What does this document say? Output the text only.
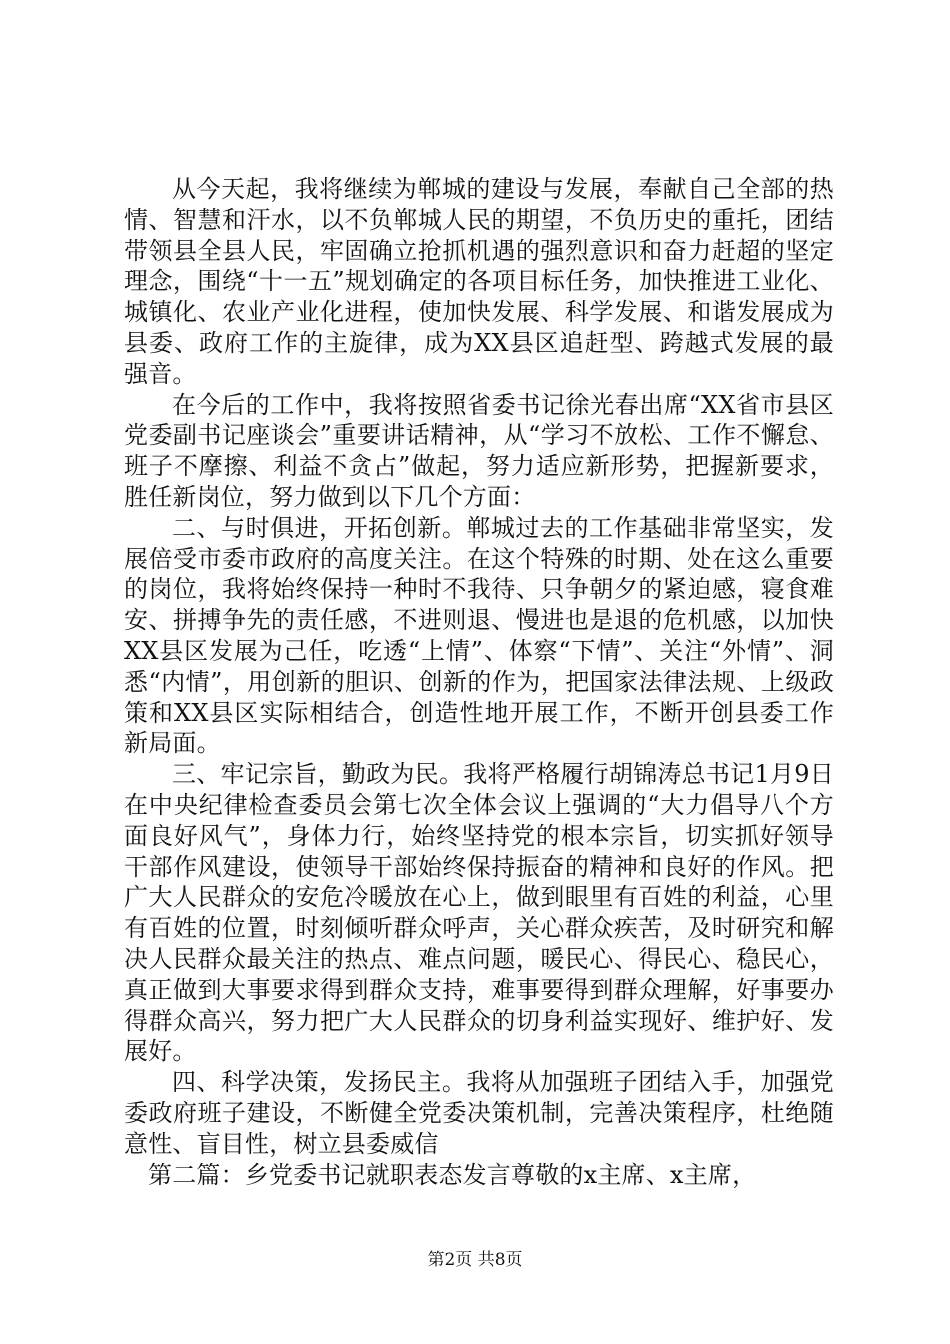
从今天起，我将继续为郸城的建设与发展，奉献自己全部的热情、智慧和汗水，以不负郸城人民的期望，不负历史的重托，团结带领县全县人民，牢固确立抢抓机遇的强烈意识和奋力赶超的坚定理念，围绕“十一五”规划确定的各项目标任务，加快推进工业化、城镇化、农业产业化进程，使加快发展、科学发展、和谐发展成为县委、政府工作的主旋律，成为XX县区追赶型、跨越式发展的最强音。

在今后的工作中，我将按照省委书记徐光春出席“XX省市县区党委副书记座谈会”重要讲话精神，从“学习不放松、工作不懈怠、班子不摩擦、利益不贪占”做起，努力适应新形势，把握新要求，胜任新岗位，努力做到以下几个方面：

二、与时俱进，开拓创新。郸城过去的工作基础非常坚实，发展倍受市委市政府的高度关注。在这个特殊的时期、处在这么重要的岗位，我将始终保持一种时不我待、只争朝夕的紧迫感，寝食难安、拼搏争先的责任感，不进则退、慢进也是退的危机感，以加快XX县区发展为己任，吃透“上情”、体察“下情”、关注“外情”、洞悉“内情”，用创新的胆识、创新的作为，把国家法律法规、上级政策和XX县区实际相结合，创造性地开展工作，不断开创县委工作新局面。

三、牢记宗旨，勤政为民。我将严格履行胡锦涛总书记1月9日在中央纪律检查委员会第七次全体会议上强调的“大力倡导八个方面良好风气”，身体力行，始终坚持党的根本宗旨，切实抓好领导干部作风建设，使领导干部始终保持振奋的精神和良好的作风。把广大人民群众的安危冷暖放在心上，做到眼里有百姓的利益，心里有百姓的位置，时刻倾听群众呼声，关心群众疾苦，及时研究和解决人民群众最关注的热点、难点问题，暖民心、得民心、稳民心，真正做到大事要求得到群众支持，难事要得到群众理解，好事要办得群众高兴，努力把广大人民群众的切身利益实现好、维护好、发展好。

四、科学决策，发扬民主。我将从加强班子团结入手，加强党委政府班子建设，不断健全党委决策机制，完善决策程序，杜绝随意性、盲目性，树立县委威信

第二篇：乡党委书记就职表态发言尊敬的x主席、x主席，

第2页 共8页
